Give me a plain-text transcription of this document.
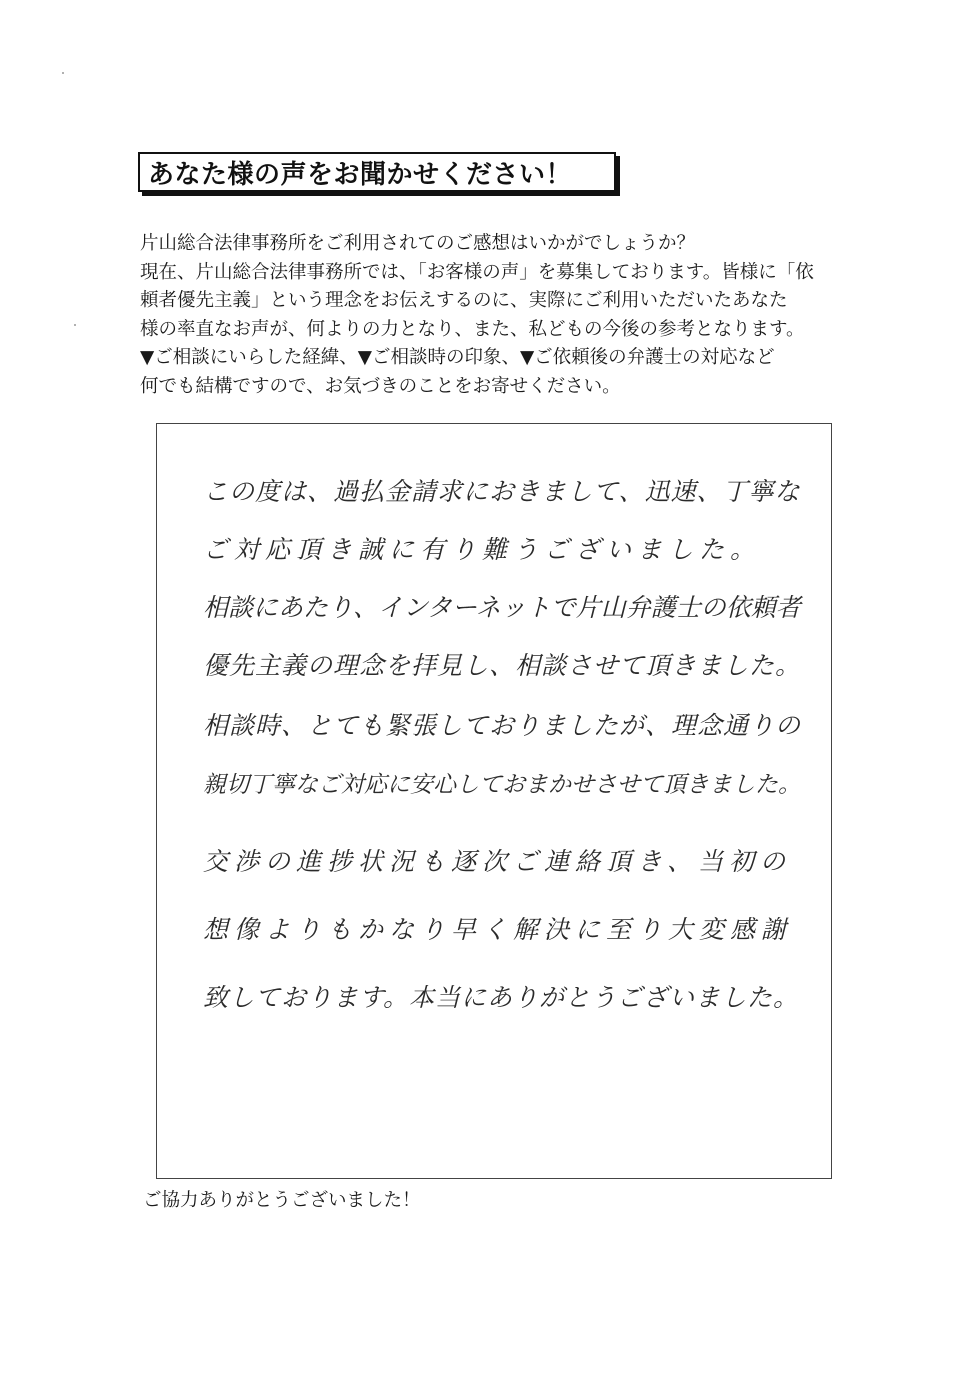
あなた様の声をお聞かせください！
片山総合法律事務所をご利用されてのご感想はいかがでしょうか？
現在、片山総合法律事務所では、「お客様の声」を募集しております。皆様に「依
頼者優先主義」という理念をお伝えするのに、実際にご利用いただいたあなた
様の率直なお声が、何よりの力となり、また、私どもの今後の参考となります。
▼ご相談にいらした経緯、▼ご相談時の印象、▼ご依頼後の弁護士の対応など
何でも結構ですので、お気づきのことをお寄せください。
この度は、過払金請求におきまして、迅速、丁寧な
ご対応頂き誠に有り難うございました。
相談にあたり、インターネットで片山弁護士の依頼者
優先主義の理念を拝見し、相談させて頂きました。
相談時、とても緊張しておりましたが、理念通りの
親切丁寧なご対応に安心しておまかせさせて頂きました。
交渉の進捗状況も逐次ご連絡頂き、当初の
想像よりもかなり早く解決に至り大変感謝
致しております。本当にありがとうございました。
ご協力ありがとうございました！
